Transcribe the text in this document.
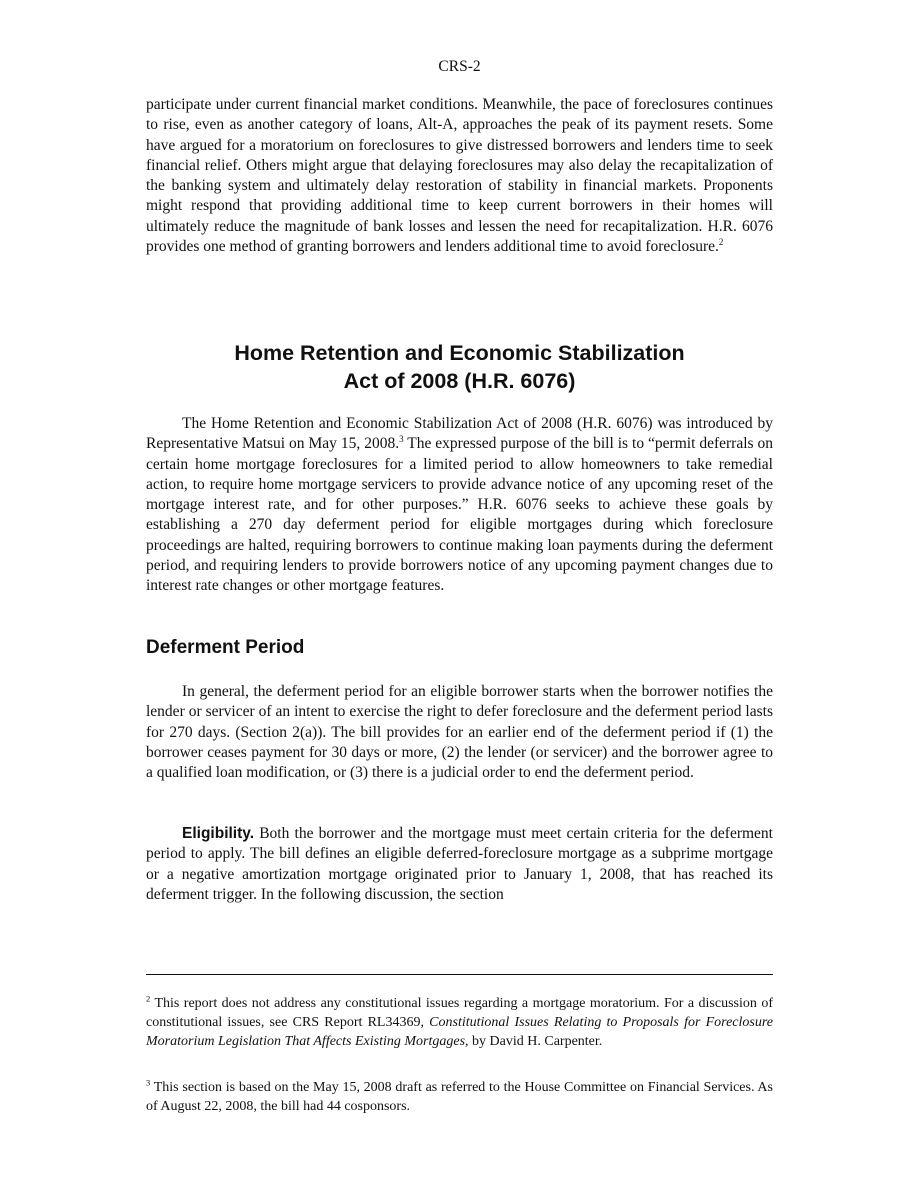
CRS-2

participate under current financial market conditions. Meanwhile, the pace of foreclosures continues to rise, even as another category of loans, Alt-A, approaches the peak of its payment resets. Some have argued for a moratorium on foreclosures to give distressed borrowers and lenders time to seek financial relief. Others might argue that delaying foreclosures may also delay the recapitalization of the banking system and ultimately delay restoration of stability in financial markets. Proponents might respond that providing additional time to keep current borrowers in their homes will ultimately reduce the magnitude of bank losses and lessen the need for recapitalization. H.R. 6076 provides one method of granting borrowers and lenders additional time to avoid foreclosure.$^2$

Home Retention and Economic Stabilization
Act of 2008 (H.R. 6076)

The Home Retention and Economic Stabilization Act of 2008 (H.R. 6076) was introduced by Representative Matsui on May 15, 2008.$^3$ The expressed purpose of the bill is to “permit deferrals on certain home mortgage foreclosures for a limited period to allow homeowners to take remedial action, to require home mortgage servicers to provide advance notice of any upcoming reset of the mortgage interest rate, and for other purposes.” H.R. 6076 seeks to achieve these goals by establishing a 270 day deferment period for eligible mortgages during which foreclosure proceedings are halted, requiring borrowers to continue making loan payments during the deferment period, and requiring lenders to provide borrowers notice of any upcoming payment changes due to interest rate changes or other mortgage features.

Deferment Period

In general, the deferment period for an eligible borrower starts when the borrower notifies the lender or servicer of an intent to exercise the right to defer foreclosure and the deferment period lasts for 270 days. (Section 2(a)). The bill provides for an earlier end of the deferment period if (1) the borrower ceases payment for 30 days or more, (2) the lender (or servicer) and the borrower agree to a qualified loan modification, or (3) there is a judicial order to end the deferment period.

Eligibility. Both the borrower and the mortgage must meet certain criteria for the deferment period to apply. The bill defines an eligible deferred-foreclosure mortgage as a subprime mortgage or a negative amortization mortgage originated prior to January 1, 2008, that has reached its deferment trigger. In the following discussion, the section

$^2$ This report does not address any constitutional issues regarding a mortgage moratorium. For a discussion of constitutional issues, see CRS Report RL34369, Constitutional Issues Relating to Proposals for Foreclosure Moratorium Legislation That Affects Existing Mortgages, by David H. Carpenter.

$^3$ This section is based on the May 15, 2008 draft as referred to the House Committee on Financial Services. As of August 22, 2008, the bill had 44 cosponsors.
